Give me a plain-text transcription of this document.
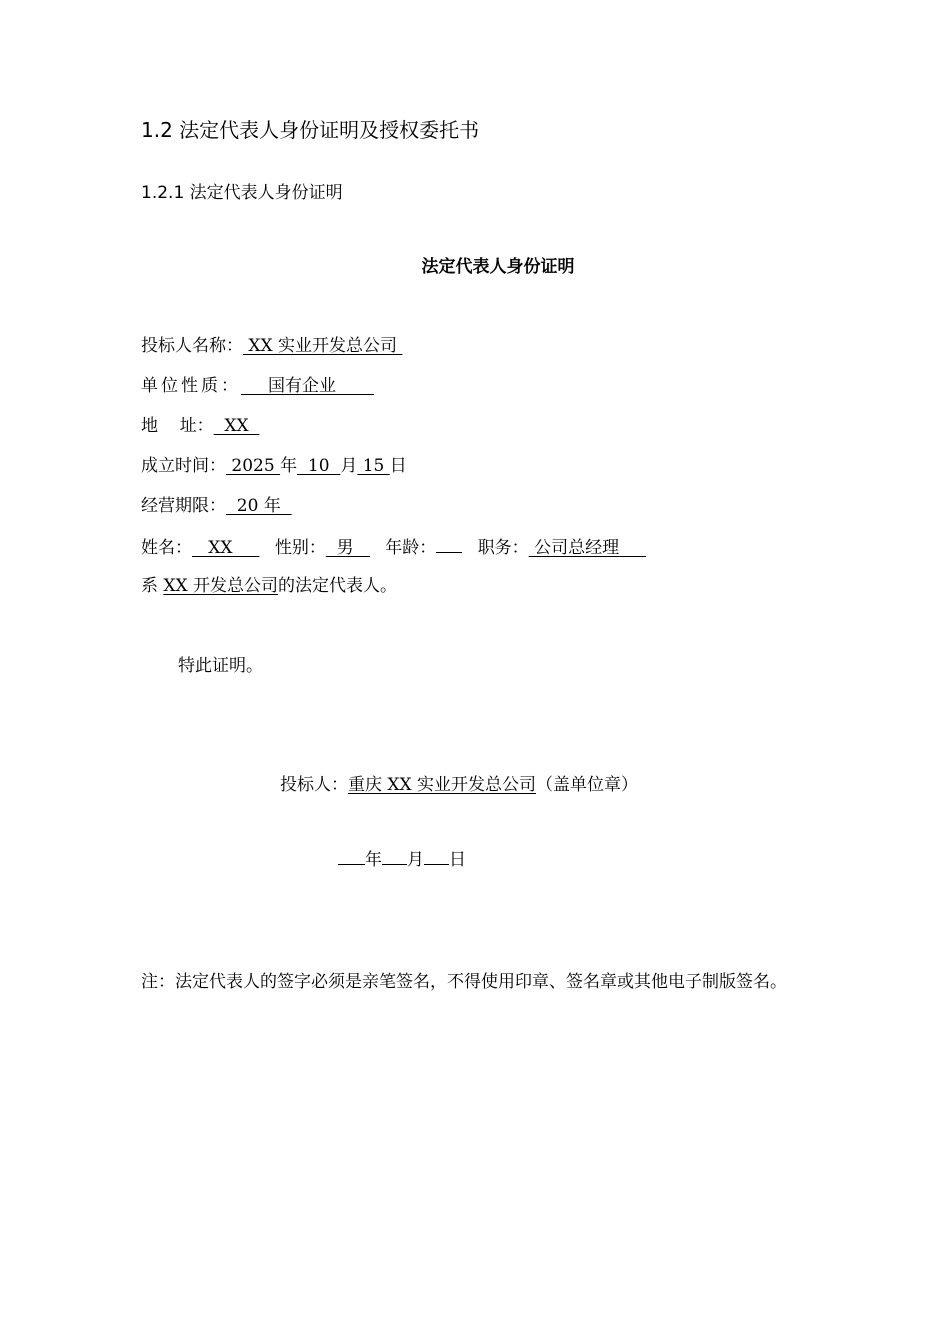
1.2 法定代表人身份证明及授权委托书
1.2.1 法定代表人身份证明
法定代表人身份证明
投标人名称： XX 实业开发总公司
单位性质：     国有企业
地    址：  XX
成立时间： 2025 年  10  月 15 日
经营期限：  20 年
姓名：   XX      性别：  男    年龄： 职务： 公司总经理
系 XX 开发总公司的法定代表人。
特此证明。
投标人：重庆 XX 实业开发总公司（盖单位章）
年 月 日
注：法定代表人的签字必须是亲笔签名，不得使用印章、签名章或其他电子制版签名。
